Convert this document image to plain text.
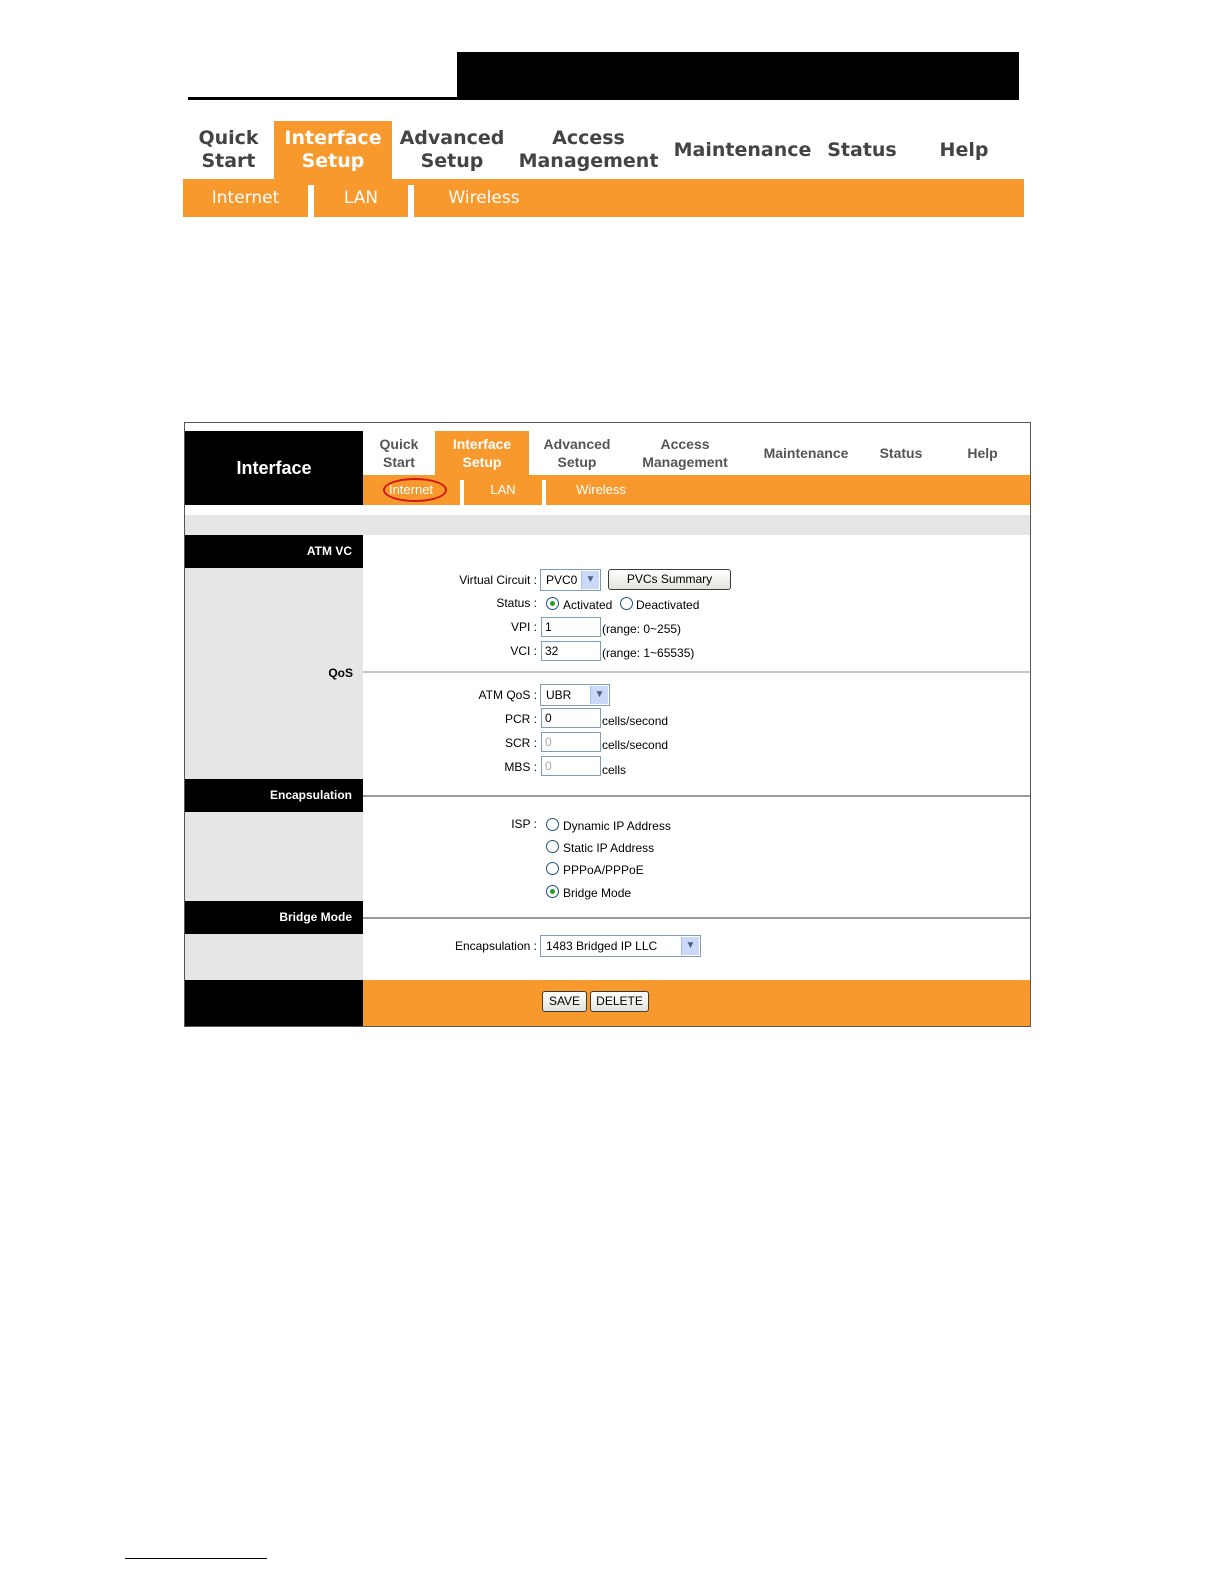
Quick
Start
Interface
Setup
Advanced
Setup
Access
Management
Maintenance Status	Help
Internet	LAN	Wireless
Interface
Quick
Start
Interface
Setup
Advanced
Setup
Access
Management
Maintenance	Status	Help
Internet	LAN	Wireless
ATM VC
QoS
Encapsulation
Bridge Mode
Virtual Circuit : PVC0 ▼	PVCs Summary
Status : Activated Deactivated
VPI :
1	(range: 0~255)
VCI :
32	(range: 1~65535)
ATM QoS : UBR	▼
PCR :
0	cells/second
SCR :
0	cells/second
MBS :
0	cells
ISP : Dynamic IP Address
Static IP Address
PPPoA/PPPoE
Bridge Mode
Encapsulation : 1483 Bridged IP LLC	▼
SAVE	DELETE
